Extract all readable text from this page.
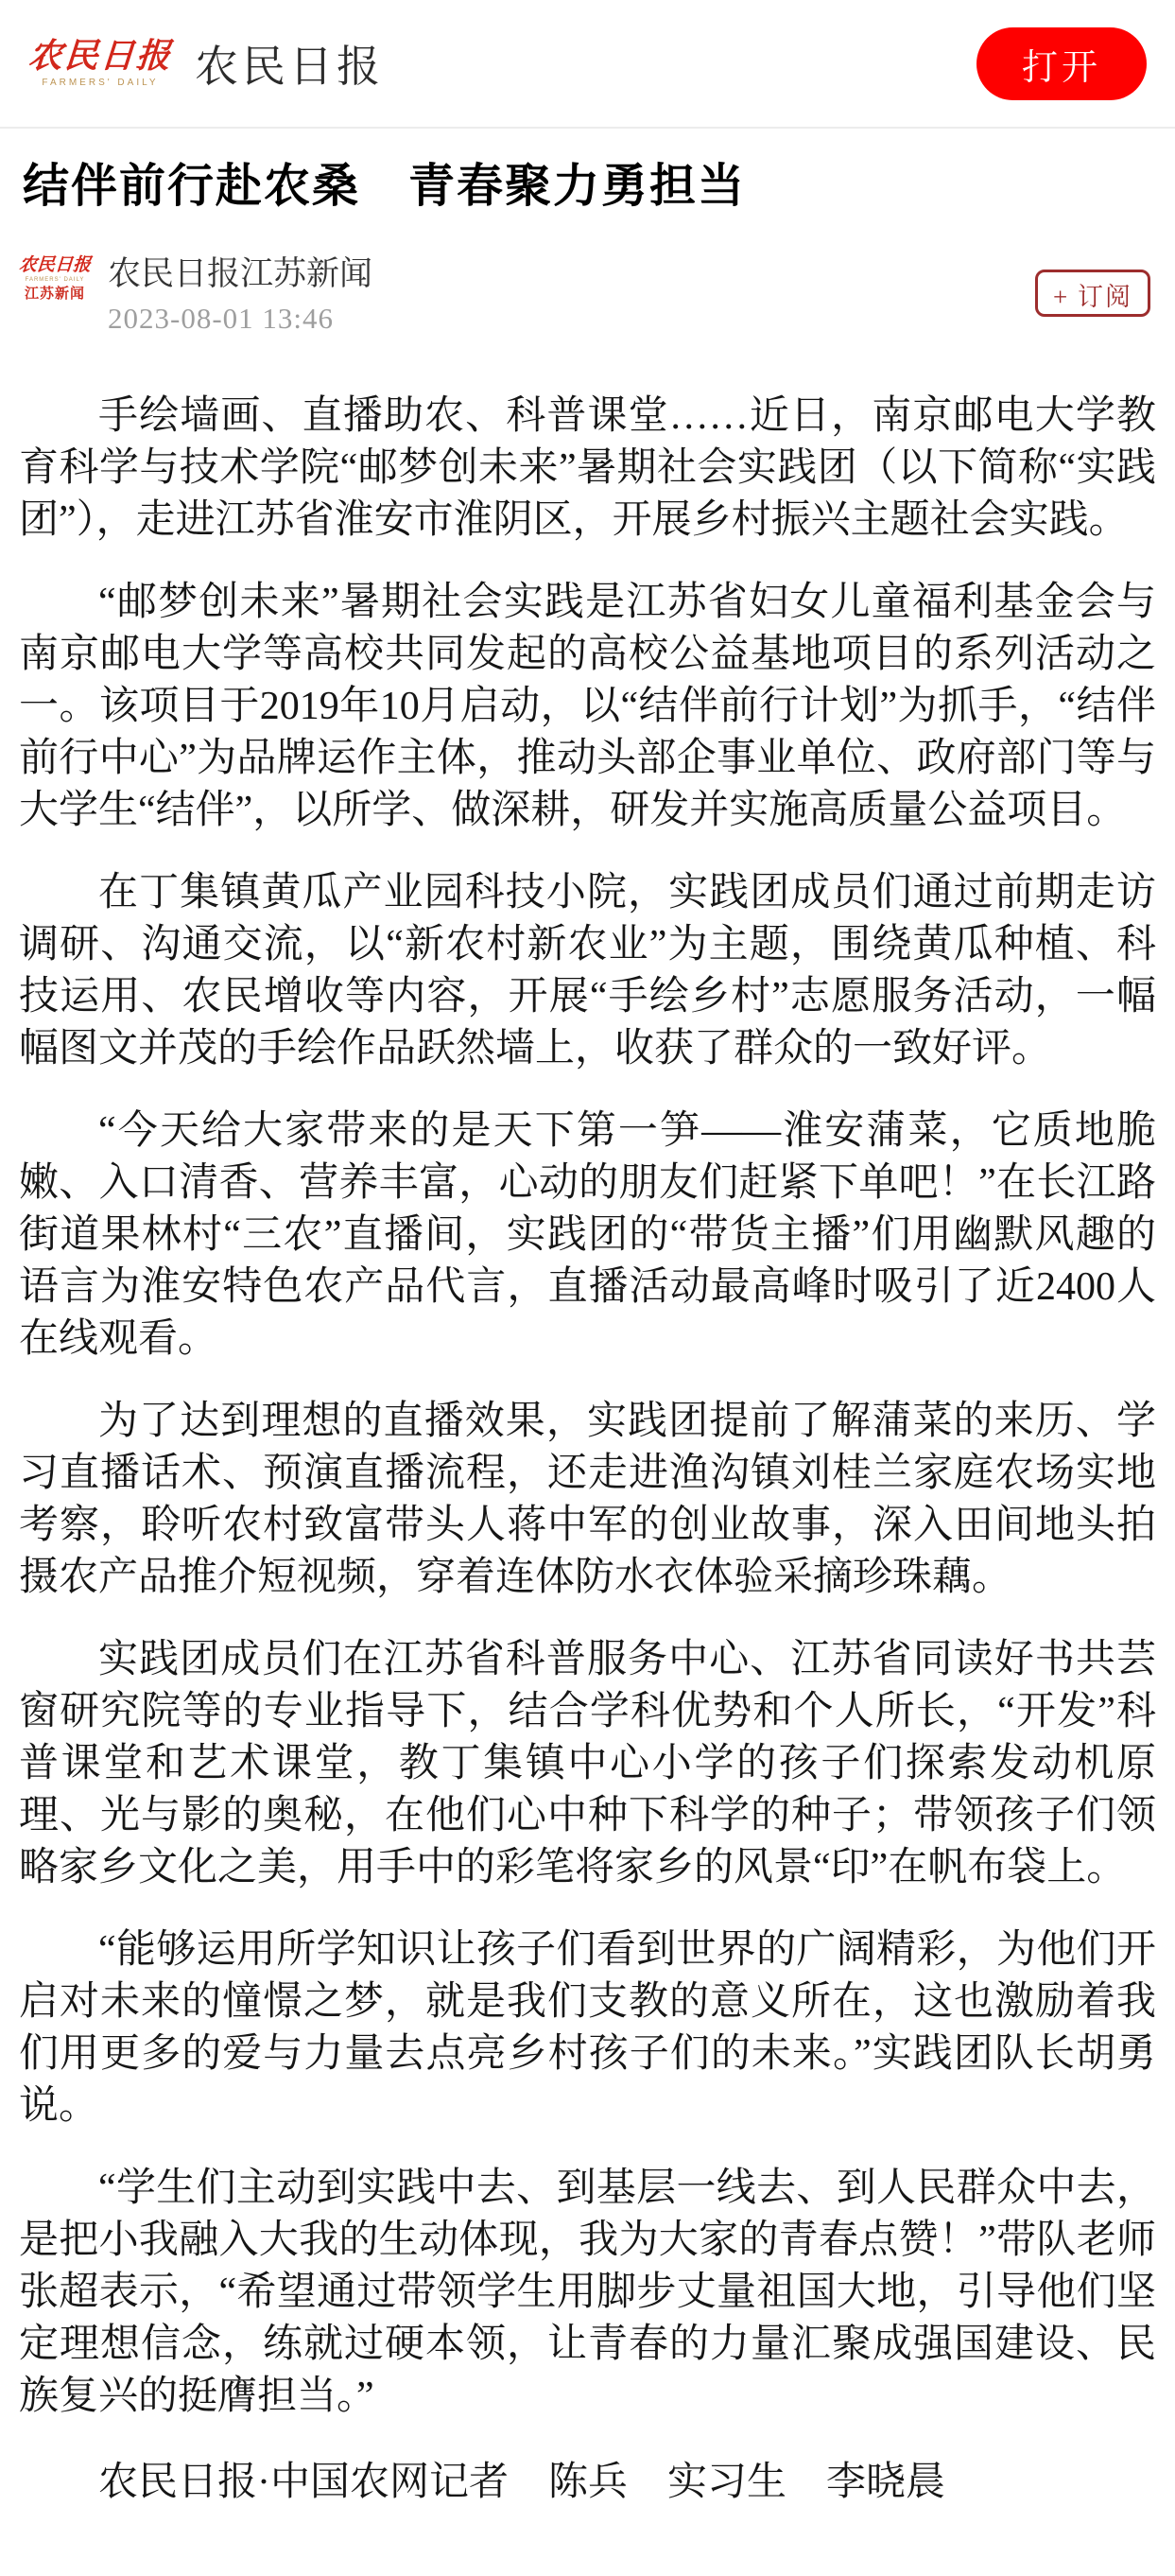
农民日报
FARMERS' DAILY 农民日报	打开
结伴前行赴农桑　青春聚力勇担当
农民日报
FARMERS' DAILY
江苏新闻
农民日报江苏新闻
2023-08-01 13:46
+ 订阅

手绘墙画、直播助农、科普课堂……近日，南京邮电大学教育科学与技术学院“邮梦创未来”暑期社会实践团（以下简称“实践团”），走进江苏省淮安市淮阴区，开展乡村振兴主题社会实践。

“邮梦创未来”暑期社会实践是江苏省妇女儿童福利基金会与南京邮电大学等高校共同发起的高校公益基地项目的系列活动之一。该项目于2019年10月启动，以“结伴前行计划”为抓手，“结伴前行中心”为品牌运作主体，推动头部企事业单位、政府部门等与大学生“结伴”，以所学、做深耕，研发并实施高质量公益项目。

在丁集镇黄瓜产业园科技小院，实践团成员们通过前期走访调研、沟通交流，以“新农村新农业”为主题，围绕黄瓜种植、科技运用、农民增收等内容，开展“手绘乡村”志愿服务活动，一幅幅图文并茂的手绘作品跃然墙上，收获了群众的一致好评。

“今天给大家带来的是天下第一笋——淮安蒲菜，它质地脆嫩、入口清香、营养丰富，心动的朋友们赶紧下单吧！”在长江路街道果林村“三农”直播间，实践团的“带货主播”们用幽默风趣的语言为淮安特色农产品代言，直播活动最高峰时吸引了近2400人在线观看。

为了达到理想的直播效果，实践团提前了解蒲菜的来历、学习直播话术、预演直播流程，还走进渔沟镇刘桂兰家庭农场实地考察，聆听农村致富带头人蒋中军的创业故事，深入田间地头拍摄农产品推介短视频，穿着连体防水衣体验采摘珍珠藕。

实践团成员们在江苏省科普服务中心、江苏省同读好书共芸窗研究院等的专业指导下，结合学科优势和个人所长，“开发”科普课堂和艺术课堂，教丁集镇中心小学的孩子们探索发动机原理、光与影的奥秘，在他们心中种下科学的种子；带领孩子们领略家乡文化之美，用手中的彩笔将家乡的风景“印”在帆布袋上。

“能够运用所学知识让孩子们看到世界的广阔精彩，为他们开启对未来的憧憬之梦，就是我们支教的意义所在，这也激励着我们用更多的爱与力量去点亮乡村孩子们的未来。”实践团队长胡勇说。

“学生们主动到实践中去、到基层一线去、到人民群众中去，是把小我融入大我的生动体现，我为大家的青春点赞！”带队老师张超表示，“希望通过带领学生用脚步丈量祖国大地，引导他们坚定理想信念，练就过硬本领，让青春的力量汇聚成强国建设、民族复兴的挺膺担当。”

农民日报·中国农网记者　陈兵　实习生　李晓晨
